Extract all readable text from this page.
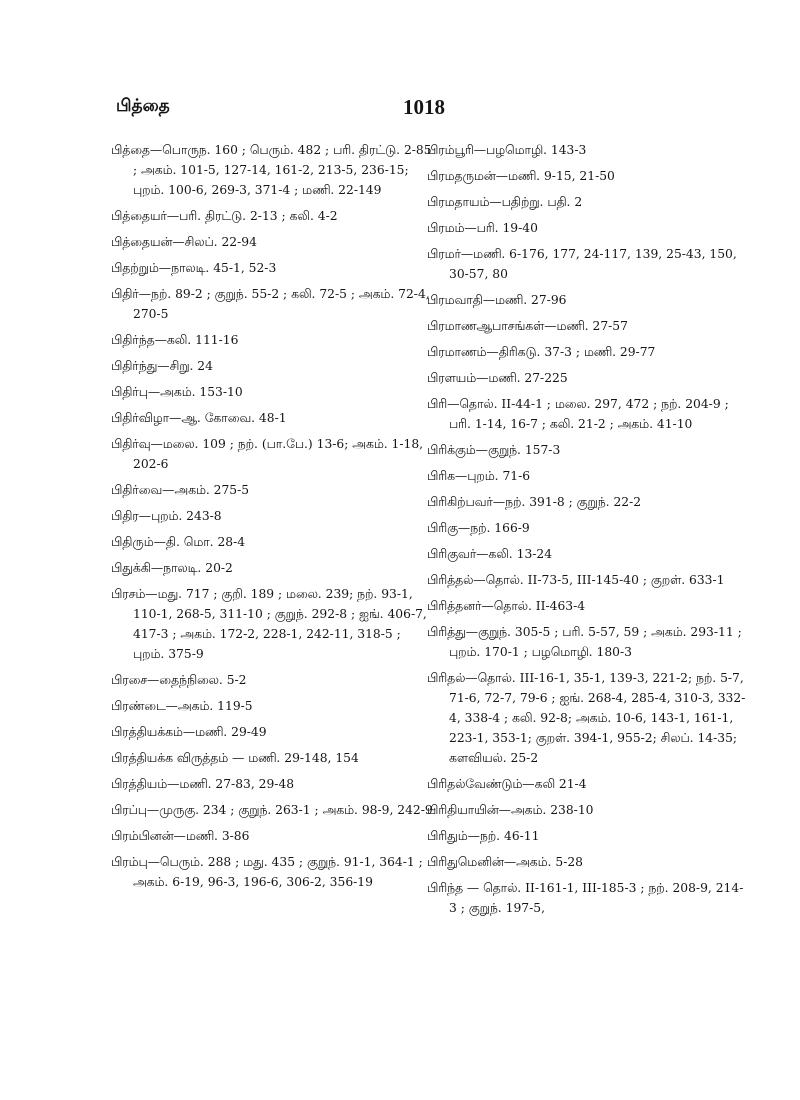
பித்தை	1018
பித்தை—பொருந. 160 ; பெரும். 482 ; பரி. திரட்டு. 2-85 ; அகம். 101-5, 127-14, 161-2, 213-5, 236-15; புறம். 100-6, 269-3, 371-4 ; மணி. 22-149
பித்தையர்—பரி. திரட்டு. 2-13 ; கலி. 4-2
பித்தையன்—சிலப். 22-94
பிதற்றும்—நாலடி. 45-1, 52-3
பிதிர்—நற். 89-2 ; குறுந். 55-2 ; கலி. 72-5 ; அகம். 72-4, 270-5
பிதிர்ந்த—கலி. 111-16
பிதிர்ந்து—சிறு. 24
பிதிர்பு—அகம். 153-10
பிதிர்விழா—ஆ. கோவை. 48-1
பிதிர்வு—மலை. 109 ; நற். (பா.பே.) 13-6; அகம். 1-18, 202-6
பிதிர்வை—அகம். 275-5
பிதிர—புறம். 243-8
பிதிரும்—தி. மொ. 28-4
பிதுக்கி—நாலடி. 20-2
பிரசம்—மது. 717 ; குறி. 189 ; மலை. 239; நற். 93-1, 110-1, 268-5, 311-10 ; குறுந். 292-8 ; ஐங். 406-7, 417-3 ; அகம். 172-2, 228-1, 242-11, 318-5 ; புறம். 375-9
பிரசை—தைந்நிலை. 5-2
பிரண்டை—அகம். 119-5
பிரத்தியக்கம்—மணி. 29-49
பிரத்தியக்க விருத்தம் — மணி. 29-148, 154
பிரத்தியம்—மணி. 27-83, 29-48
பிரப்பு—முருகு. 234 ; குறுந். 263-1 ; அகம். 98-9, 242-9
பிரம்பினன்—மணி. 3-86
பிரம்பு—பெரும். 288 ; மது. 435 ; குறுந். 91-1, 364-1 ; அகம். 6-19, 96-3, 196-6, 306-2, 356-19
பிரம்பூரி—பழமொழி. 143-3
பிரமதருமன்—மணி. 9-15, 21-50
பிரமதாயம்—பதிற்று. பதி. 2
பிரமம்—பரி. 19-40
பிரமர்—மணி. 6-176, 177, 24-117, 139, 25-43, 150, 30-57, 80
பிரமவாதி—மணி. 27-96
பிரமாணஆபாசங்கள்—மணி. 27-57
பிரமாணம்—திரிகடு. 37-3 ; மணி. 29-77
பிரளயம்—மணி. 27-225
பிரி—தொல். II-44-1 ; மலை. 297, 472 ; நற். 204-9 ; பரி. 1-14, 16-7 ; கலி. 21-2 ; அகம். 41-10
பிரிக்கும்—குறுந். 157-3
பிரிக—புறம். 71-6
பிரிகிற்பவர்—நற். 391-8 ; குறுந். 22-2
பிரிகு—நற். 166-9
பிரிகுவர்—கலி. 13-24
பிரித்தல்—தொல். II-73-5, III-145-40 ; குறள். 633-1
பிரித்தனர்—தொல். II-463-4
பிரித்து—குறுந். 305-5 ; பரி. 5-57, 59 ; அகம். 293-11 ; புறம். 170-1 ; பழமொழி. 180-3
பிரிதல்—தொல். III-16-1, 35-1, 139-3, 221-2; நற். 5-7, 71-6, 72-7, 79-6 ; ஐங். 268-4, 285-4, 310-3, 332-4, 338-4 ; கலி. 92-8; அகம். 10-6, 143-1, 161-1, 223-1, 353-1; குறள். 394-1, 955-2; சிலப். 14-35; களவியல். 25-2
பிரிதல்வேண்டும்—கலி 21-4
பிரிதியாயின்—அகம். 238-10
பிரிதும்—நற். 46-11
பிரிதுமெனின்—அகம். 5-28
பிரிந்த — தொல். II-161-1, III-185-3 ; நற். 208-9, 214-3 ; குறுந். 197-5,
